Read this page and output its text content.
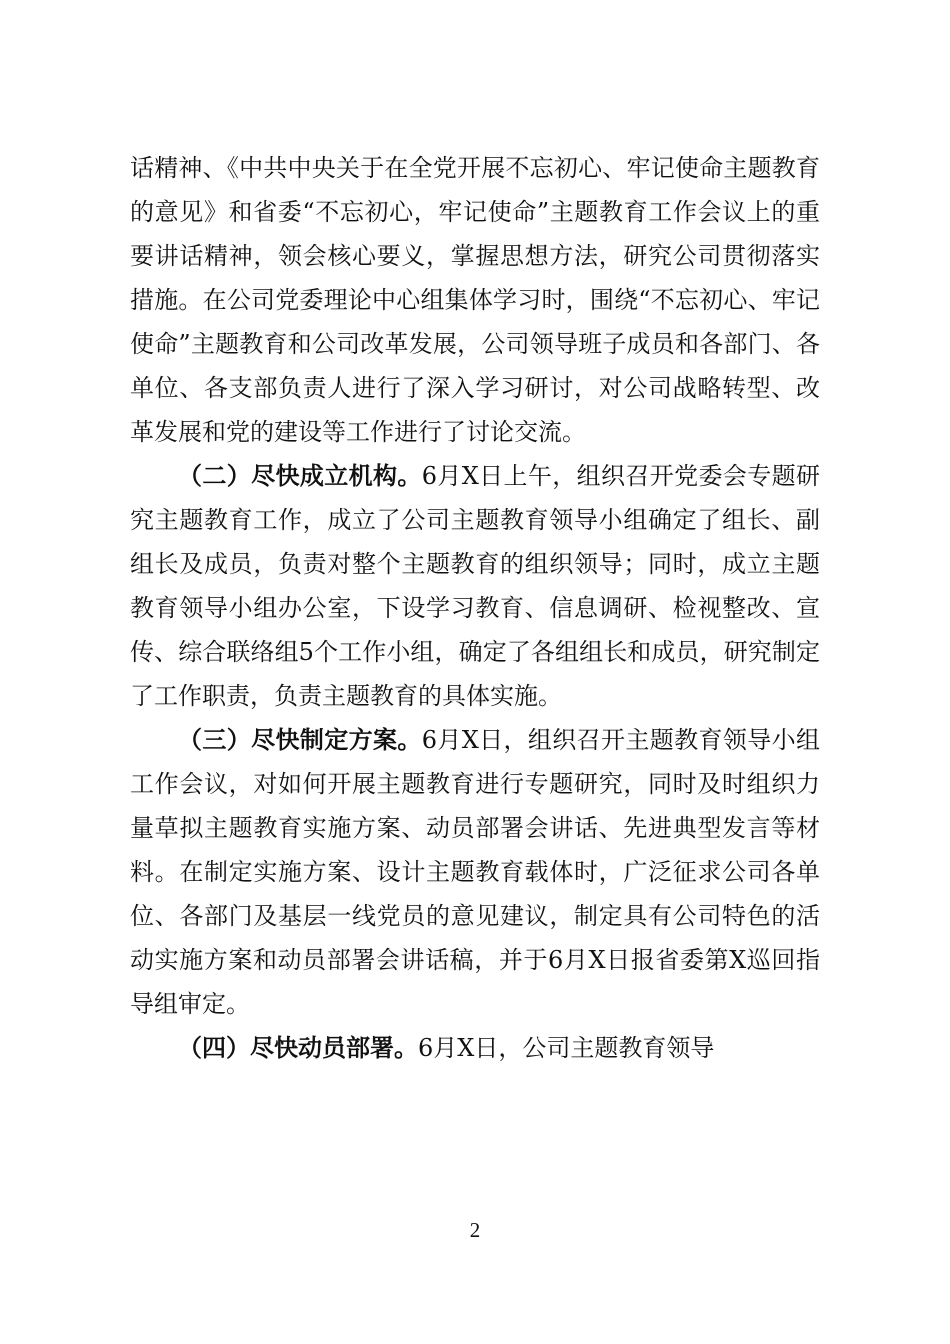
话精神、《中共中央关于在全党开展不忘初心、牢记使命主题教育的意见》和省委“不忘初心，牢记使命”主题教育工作会议上的重要讲话精神，领会核心要义，掌握思想方法，研究公司贯彻落实措施。在公司党委理论中心组集体学习时，围绕“不忘初心、牢记使命”主题教育和公司改革发展，公司领导班子成员和各部门、各单位、各支部负责人进行了深入学习研讨，对公司战略转型、改革发展和党的建设等工作进行了讨论交流。

（二）尽快成立机构。6月X日上午，组织召开党委会专题研究主题教育工作，成立了公司主题教育领导小组确定了组长、副组长及成员，负责对整个主题教育的组织领导；同时，成立主题教育领导小组办公室，下设学习教育、信息调研、检视整改、宣传、综合联络组5个工作小组，确定了各组组长和成员，研究制定了工作职责，负责主题教育的具体实施。

（三）尽快制定方案。6月X日，组织召开主题教育领导小组工作会议，对如何开展主题教育进行专题研究，同时及时组织力量草拟主题教育实施方案、动员部署会讲话、先进典型发言等材料。在制定实施方案、设计主题教育载体时，广泛征求公司各单位、各部门及基层一线党员的意见建议，制定具有公司特色的活动实施方案和动员部署会讲话稿，并于6月X日报省委第X巡回指导组审定。

（四）尽快动员部署。6月X日，公司主题教育领导

2
